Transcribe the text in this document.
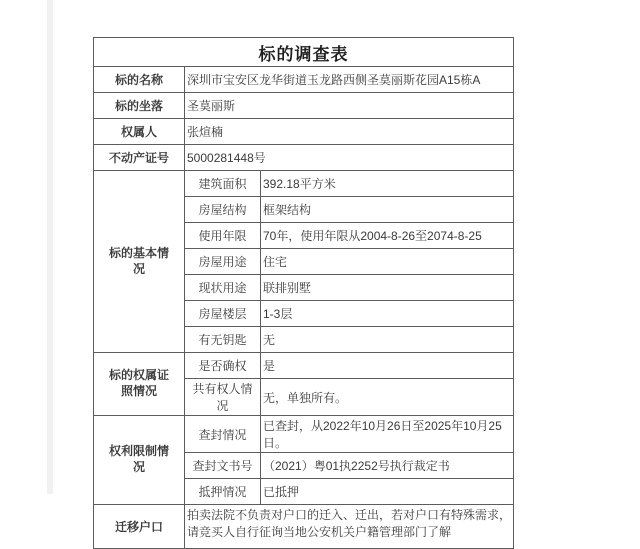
标的调查表		
标的名称	深圳市宝安区龙华街道玉龙路西侧圣莫丽斯花园A15栋A	
标的坐落	圣莫丽斯	
权属人	张煊楠	
不动产证号	5000281448号	

标的基本情况	建筑面积	392.18平方米
	房屋结构	框架结构
	使用年限	70年，使用年限从2004-8-26至2074-8-25
	房屋用途	住宅
	现状用途	联排别墅
	房屋楼层	1-3层
	有无钥匙	无

标的权属证照情况	是否确权	是
	共有权人情况	无，单独所有。

权利限制情况	查封情况	已查封，从2022年10月26日至2025年10月25日。
	查封文书号	（2021）粤01执2252号执行裁定书
	抵押情况	已抵押
迁移户口	拍卖法院不负责对户口的迁入、迁出，若对户口有特殊需求，请竞买人自行征询当地公安机关户籍管理部门了解	
